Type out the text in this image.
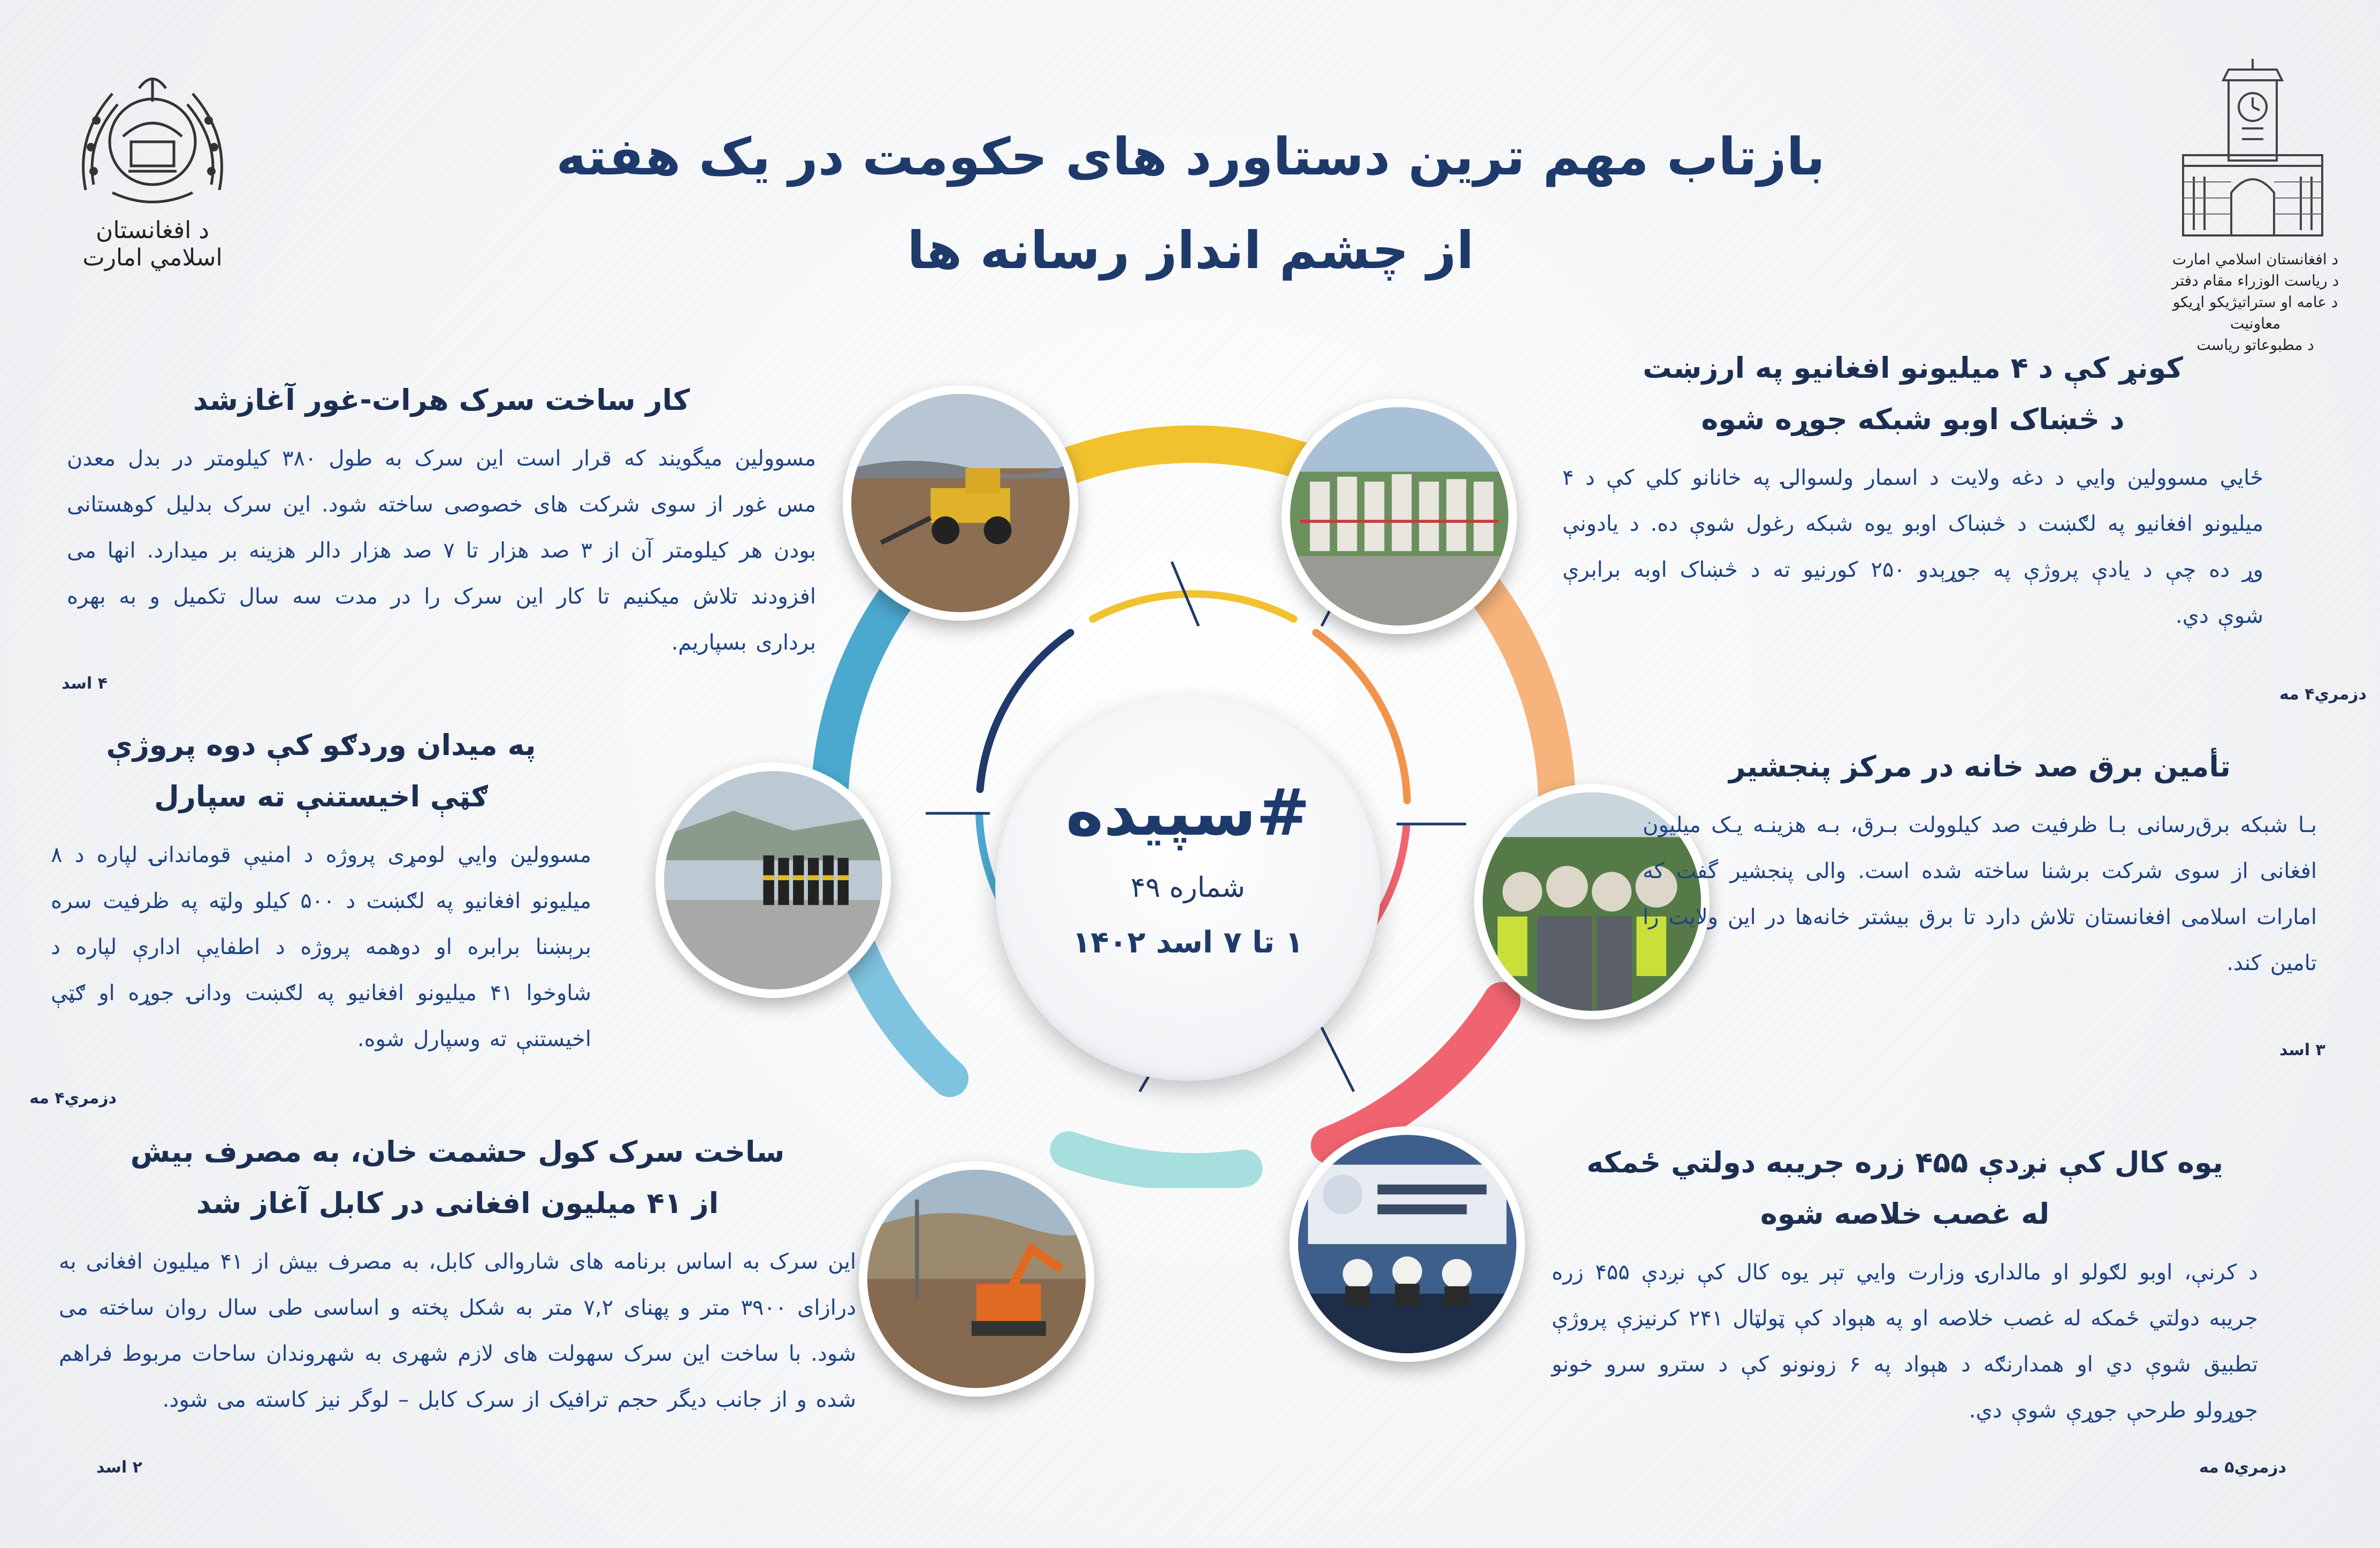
بازتاب مهم ترین دستاورد های حکومت در یک هفته
از چشم انداز رسانه ها
د افغانستان اسلامي امارت	د افغانستان اسلامي امارت
د ریاست الوزراء مقام دفتر
د عامه او ستراتیژیکو اړیکو معاونیت
د مطبوعاتو ریاست
#سپیده
شماره ۴۹
۱ تا ۷ اسد ۱۴۰۲
کونړ کې د ۴ میلیونو افغانیو په ارزښت
د څښاک اوبو شبکه جوړه شوه
ځايي مسوولین وايي د دغه ولایت د اسمار ولسوالۍ په خانانو کلي کې د ۴ میلیونو افغانیو په لګښت د څښاک اوبو یوه شبکه رغول شوې ده. د یادونې وړ ده چې د یادې پروژې په جوړېدو ۲۵۰ کورنیو ته د څښاک اوبه برابرې شوې دي.
دزمري۴ مه
تأمین برق صد خانه در مرکز پنجشیر
بـا شبکه برق‌رسانی بـا ظرفیت صد کیلوولت بـرق، بـه هزینـه یـک میلیون افغانی از سوی شرکت برشنا ساخته شده است. والی پنجشیر گفت که امارات اسلامی افغانستان تلاش دارد تا برق بیشتر خانه‌ها در این ولایت را تامین کند.
۳ اسد
یوه کال کې نږدې ۴۵۵ زره جریبه دولتي ځمکه
له غصب خلاصه شوه
د کرنې، اوبو لګولو او مالدارۍ وزارت وايي تېر یوه کال کې نږدې ۴۵۵ زره جریبه دولتي ځمکه له غصب خلاصه او په هېواد کې ټولټال ۲۴۱ کرنیزې پروژې تطبیق شوې دي او همدارنګه د هېواد په ۶ زونونو کې د سترو سرو خونو جوړولو طرحې جوړې شوې دي.
دزمري۵ مه
کار ساخت سرک هرات-غور آغازشد
مسوولین میگویند که قرار است این سرک به طول ۳۸۰ کیلومتر در بدل معدن مس غور از سوی شرکت های خصوصی ساخته شود. این سرک بدلیل کوهستانی بودن هر کیلومتر آن از ۳ صد هزار تا ۷ صد هزار دالر هزینه بر میدارد. انها می افزودند تلاش میکنیم تا کار این سرک را در مدت سه سال تکمیل و به بهره برداری بسپاریم.
۴ اسد
په میدان وردګو کې دوه پروژې
ګټې اخیستنې ته سپارل
مسوولین وايي لومړی پروژه د امنیې قوماندانۍ لپاره د ۸ میلیونو افغانیو په لګښت د ۵۰۰ کیلو ولټه په ظرفیت سره برېښنا برابره او دوهمه پروژه د اطفایې ادارې لپاره د شاوخوا ۴۱ میلیونو افغانیو په لګښت ودانۍ جوړه او ګټې اخیستنې ته وسپارل شوه.
دزمري۴ مه
ساخت سرک کول حشمت خان، به مصرف بیش
از ۴۱ میلیون افغانی در کابل آغاز شد
این سرک به اساس برنامه های شاروالی کابل، به مصرف بیش از ۴۱ میلیون افغانی به درازای ۳۹۰۰ متر و پهنای ۷,۲ متر به شکل پخته و اساسی طی سال روان ساخته می شود. با ساخت این سرک سهولت های لازم شهری به شهروندان ساحات مربوط فراهم شده و از جانب دیگر حجم ترافیک از سرک کابل – لوگر نیز کاسته می شود.
۲ اسد
